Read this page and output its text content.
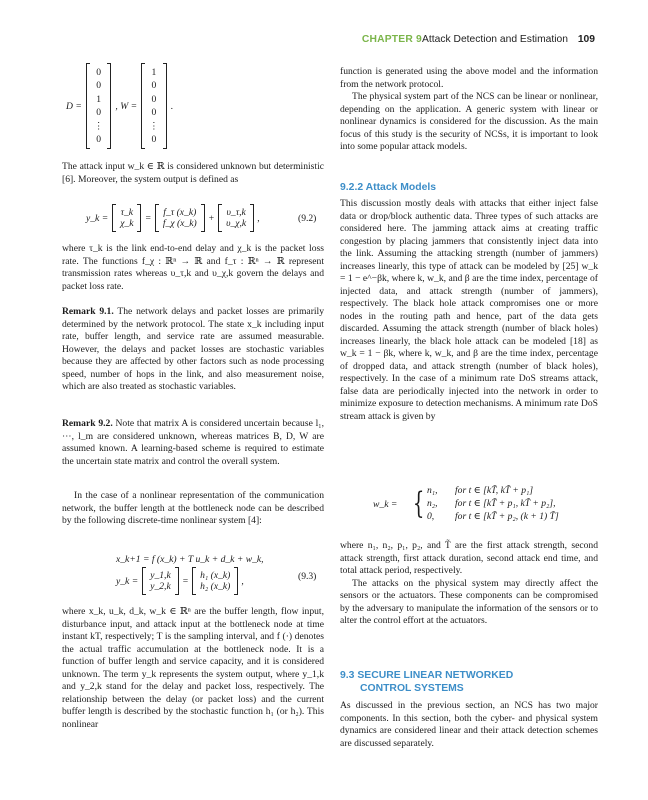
CHAPTER 9 Attack Detection and Estimation 109
D =
0
0
1
0
⋮
0
, W =
1
0
0
0
⋮
0
.

The attack input w_k ∈ ℝ is considered unknown but deterministic [6]. Moreover, the system output is defined as

y_k =
τ_k
χ_k =
f_τ (x_k)
f_χ (x_k) +
υ_τ,k
υ_χ,k ,	(9.2)

where τ_k is the link end-to-end delay and χ_k is the packet loss rate. The functions f_χ : ℝⁿ → ℝ and f_τ : ℝⁿ → ℝ represent transmission rates whereas υ_τ,k and υ_χ,k govern the delays and packet loss rate.

Remark 9.1. The network delays and packet losses are primarily determined by the network protocol. The state x_k including input rate, buffer length, and service rate are assumed measurable. However, the delays and packet losses are stochastic variables because they are affected by other factors such as node processing speed, number of hops in the link, and also measurement noise, which are also treated as stochastic variables.

Remark 9.2. Note that matrix A is considered uncertain because l₁, ⋯, l_m are considered unknown, whereas matrices B, D, W are assumed known. A learning-based scheme is required to estimate the uncertain state matrix and control the overall system.

In the case of a nonlinear representation of the communication network, the buffer length at the bottleneck node can be described by the following discrete-time nonlinear system [4]:

x_k+1 = f (x_k) + T u_k + d_k + w_k,
y_k =
y_1,k
y_2,k =
h₁ (x_k)
h₂ (x_k) ,	(9.3)

where x_k, u_k, d_k, w_k ∈ ℝⁿ are the buffer length, flow input, disturbance input, and attack input at the bottleneck node at time instant kT, respectively; T is the sampling interval, and f (·) denotes the actual traffic accumulation at the bottleneck node. It is a function of buffer length and service capacity, and it is considered unknown. The term y_k represents the system output, where y_1,k and y_2,k stand for the delay and packet loss, respectively. The relationship between the delay (or packet loss) and the current buffer length is described by the stochastic function h₁ (or h₂). This nonlinear

function is generated using the above model and the information from the network protocol.

The physical system part of the NCS can be linear or nonlinear, depending on the application. A generic system with linear or nonlinear dynamics is considered for the discussion. As the main focus of this study is the security of NCSs, it is important to look into some popular attack models.

9.2.2 Attack Models

This discussion mostly deals with attacks that either inject false data or drop/block authentic data. Three types of such attacks are considered here. The jamming attack aims at creating traffic congestion by placing jammers that consistently inject data into the link. Assuming the attacking strength (number of jammers) increases linearly, this type of attack can be modeled by [25] w_k = 1 − e^−βk, where k, w_k, and β are the time index, percentage of injected data, and attack strength (number of jammers), respectively. The black hole attack compromises one or more nodes in the routing path and hence, part of the data gets discarded. Assuming the attack strength (number of black holes) increases linearly, the black hole attack can be modeled [18] as w_k = 1 − βk, where k, w_k, and β are the time index, percentage of dropped data, and attack strength (number of black holes), respectively. In the case of a minimum rate DoS streams attack, false data are periodically injected into the network in order to minimize exposure to detection mechanisms. A minimum rate DoS stream attack is given by

w_k = { n₁,	for t ∈ [kT̃, kT̃ + p₁]
n₂,	for t ∈ [kT̃ + p₁, kT̃ + p₂],
0,	for t ∈ [kT̃ + p₂, (k + 1) T̃]

where n₁, n₂, p₁, p₂, and T̃ are the first attack strength, second attack strength, first attack duration, second attack end time, and total attack period, respectively.

The attacks on the physical system may directly affect the sensors or the actuators. These components can be compromised by the adversary to manipulate the information of the sensors or to alter the control effort at the actuators.

9.3 SECURE LINEAR NETWORKED
CONTROL SYSTEMS

As discussed in the previous section, an NCS has two major components. In this section, both the cyber- and physical system dynamics are considered linear and their attack detection schemes are discussed separately.
